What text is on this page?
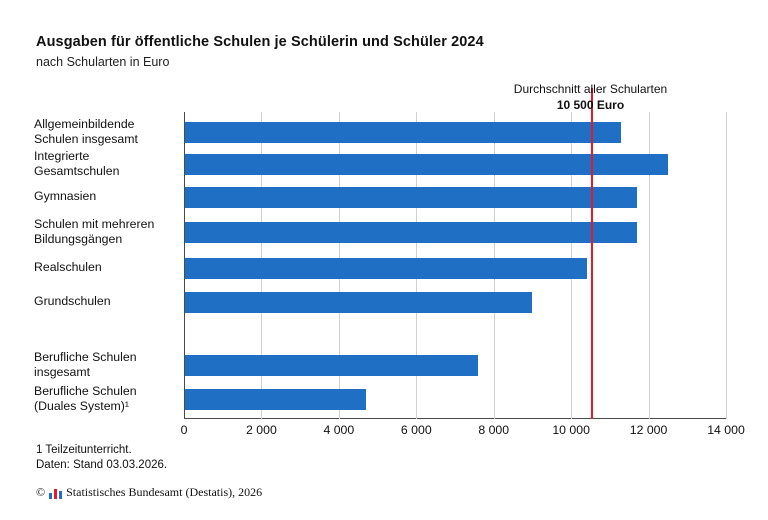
Ausgaben für öffentliche Schulen je Schülerin und Schüler 2024
nach Schularten in Euro
Allgemeinbildende
Schulen insgesamt
Integrierte
Gesamtschulen
Gymnasien
Schulen mit mehreren
Bildungsgängen
Realschulen
Grundschulen
Berufliche Schulen
insgesamt
Berufliche Schulen
(Duales System)¹
0	2 000	4 000	6 000	8 000	10 000	12 000	14 000
1 Teilzeitunterricht.
Daten: Stand 03.03.2026.
© Statistisches Bundesamt (Destatis), 2026
Durchschnitt aller Schularten
10 500 Euro
